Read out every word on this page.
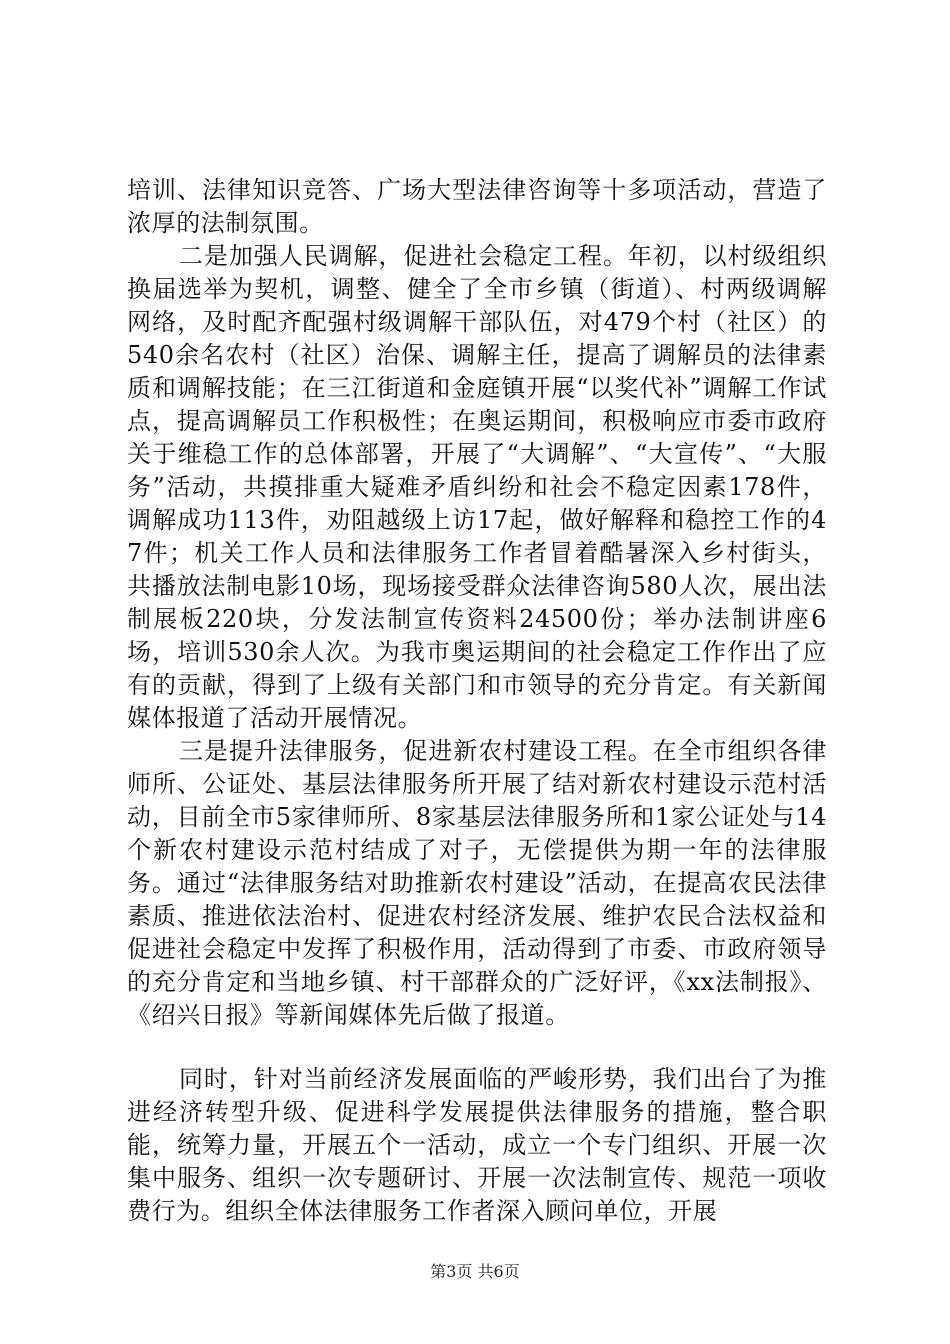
培训、法律知识竞答、广场大型法律咨询等十多项活动，营造了浓厚的法制氛围。

二是加强人民调解，促进社会稳定工程。年初，以村级组织换届选举为契机，调整、健全了全市乡镇（街道）、村两级调解网络，及时配齐配强村级调解干部队伍，对479个村（社区）的540余名农村（社区）治保、调解主任，提高了调解员的法律素质和调解技能；在三江街道和金庭镇开展“以奖代补”调解工作试点，提高调解员工作积极性；在奥运期间，积极响应市委市政府关于维稳工作的总体部署，开展了“大调解”、“大宣传”、“大服务”活动，共摸排重大疑难矛盾纠纷和社会不稳定因素178件，调解成功113件，劝阻越级上访17起，做好解释和稳控工作的47件；机关工作人员和法律服务工作者冒着酷暑深入乡村街头，共播放法制电影10场，现场接受群众法律咨询580人次，展出法制展板220块，分发法制宣传资料24500份；举办法制讲座6场，培训530余人次。为我市奥运期间的社会稳定工作作出了应有的贡献，得到了上级有关部门和市领导的充分肯定。有关新闻媒体报道了活动开展情况。

三是提升法律服务，促进新农村建设工程。在全市组织各律师所、公证处、基层法律服务所开展了结对新农村建设示范村活动，目前全市5家律师所、8家基层法律服务所和1家公证处与14个新农村建设示范村结成了对子，无偿提供为期一年的法律服务。通过“法律服务结对助推新农村建设”活动，在提高农民法律素质、推进依法治村、促进农村经济发展、维护农民合法权益和促进社会稳定中发挥了积极作用，活动得到了市委、市政府领导的充分肯定和当地乡镇、村干部群众的广泛好评，《xx法制报》、《绍兴日报》等新闻媒体先后做了报道。

同时，针对当前经济发展面临的严峻形势，我们出台了为推进经济转型升级、促进科学发展提供法律服务的措施，整合职能，统筹力量，开展五个一活动，成立一个专门组织、开展一次集中服务、组织一次专题研讨、开展一次法制宣传、规范一项收费行为。组织全体法律服务工作者深入顾问单位，开展

第3页 共6页
